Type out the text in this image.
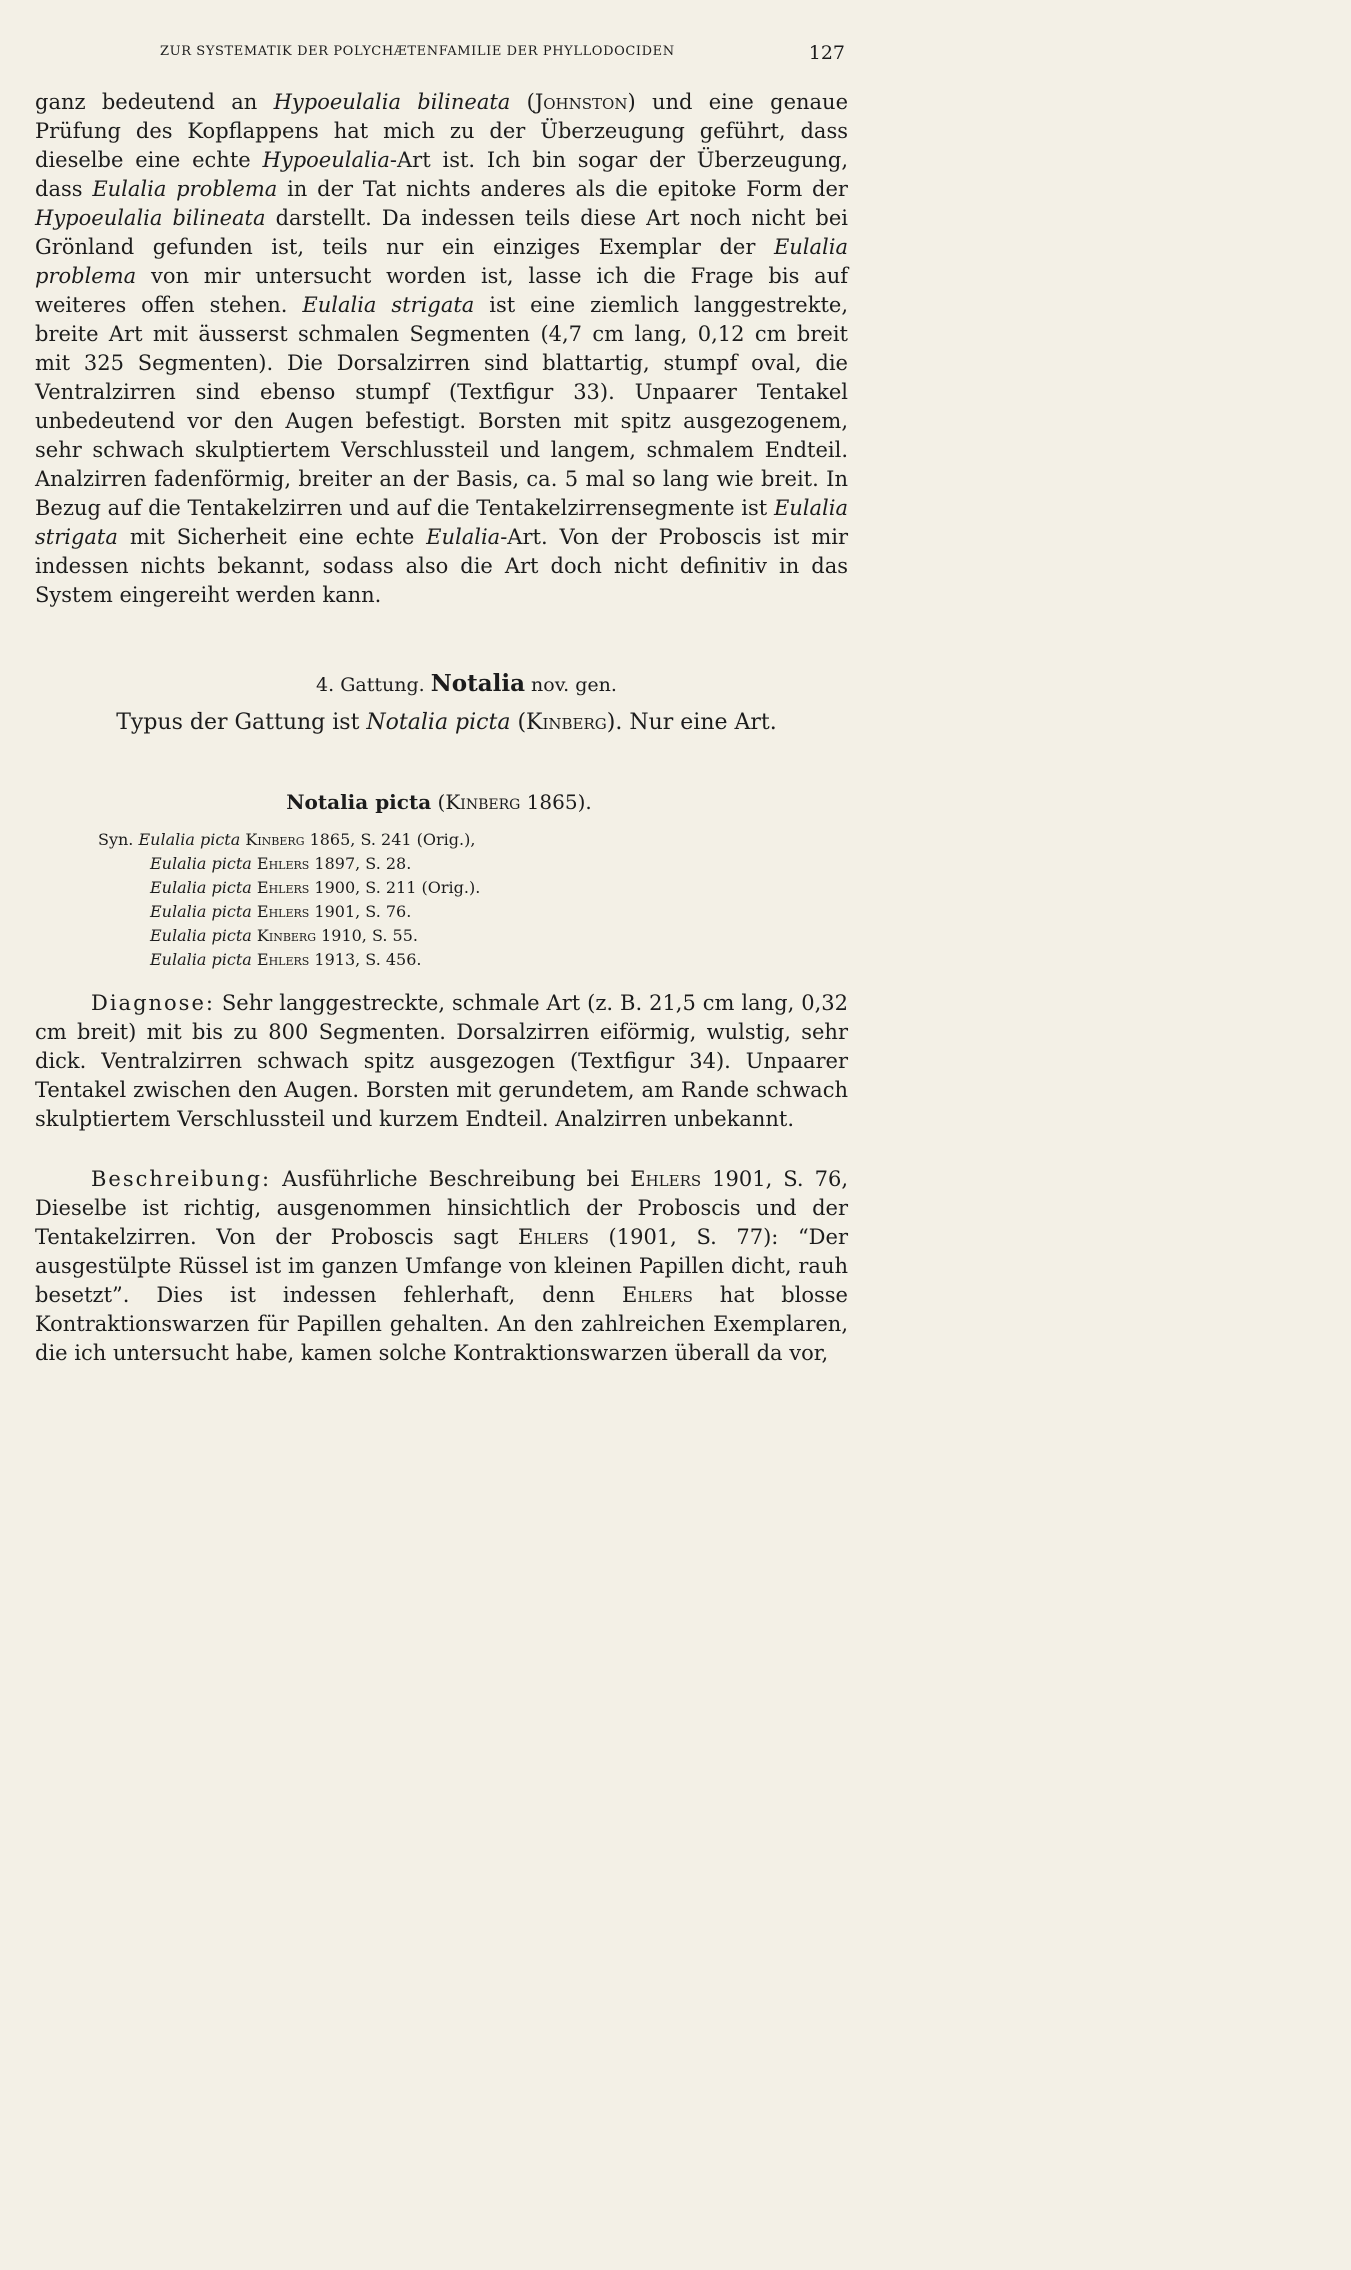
ZUR SYSTEMATIK DER POLYCHÆTENFAMILIE DER PHYLLODOCIDEN	127

ganz bedeutend an Hypoeulalia bilineata (Johnston) und eine genaue Prüfung des Kopflappens hat mich zu der Überzeugung geführt, dass dieselbe eine echte Hypoeulalia-Art ist. Ich bin sogar der Überzeugung, dass Eulalia problema in der Tat nichts anderes als die epitoke Form der Hypoeulalia bilineata darstellt. Da indessen teils diese Art noch nicht bei Grönland gefunden ist, teils nur ein einziges Exemplar der Eulalia problema von mir untersucht worden ist, lasse ich die Frage bis auf weiteres offen stehen. Eulalia strigata ist eine ziemlich langgestrekte, breite Art mit äusserst schmalen Segmenten (4,7 cm lang, 0,12 cm breit mit 325 Segmenten). Die Dorsalzirren sind blattartig, stumpf oval, die Ventralzirren sind ebenso stumpf (Textfigur 33). Unpaarer Tentakel unbedeutend vor den Augen befestigt. Borsten mit spitz ausgezogenem, sehr schwach skulptiertem Verschlussteil und langem, schmalem Endteil. Analzirren fadenförmig, breiter an der Basis, ca. 5 mal so lang wie breit. In Bezug auf die Tentakelzirren und auf die Tentakelzirrensegmente ist Eulalia strigata mit Sicherheit eine echte Eulalia-Art. Von der Proboscis ist mir indessen nichts bekannt, sodass also die Art doch nicht definitiv in das System eingereiht werden kann.

4. Gattung. Notalia nov. gen.
Typus der Gattung ist Notalia picta (Kinberg). Nur eine Art.
Notalia picta (Kinberg 1865).
Syn. Eulalia picta Kinberg 1865, S. 241 (Orig.),
Eulalia picta Ehlers 1897, S. 28.
Eulalia picta Ehlers 1900, S. 211 (Orig.).
Eulalia picta Ehlers 1901, S. 76.
Eulalia picta Kinberg 1910, S. 55.
Eulalia picta Ehlers 1913, S. 456.

Diagnose: Sehr langgestreckte, schmale Art (z. B. 21,5 cm lang, 0,32 cm breit) mit bis zu 800 Segmenten. Dorsalzirren eiförmig, wulstig, sehr dick. Ventralzirren schwach spitz ausgezogen (Textfigur 34). Unpaarer Tentakel zwischen den Augen. Borsten mit gerundetem, am Rande schwach skulptiertem Verschlussteil und kurzem Endteil. Analzirren unbekannt.

Beschreibung: Ausführliche Beschreibung bei Ehlers 1901, S. 76, Dieselbe ist richtig, ausgenommen hinsichtlich der Proboscis und der Tentakelzirren. Von der Proboscis sagt Ehlers (1901, S. 77): “Der ausgestülpte Rüssel ist im ganzen Umfange von kleinen Papillen dicht, rauh besetzt”. Dies ist indessen fehlerhaft, denn Ehlers hat blosse Kontraktionswarzen für Papillen gehalten. An den zahlreichen Exemplaren, die ich untersucht habe, kamen solche Kontraktionswarzen überall da vor,
